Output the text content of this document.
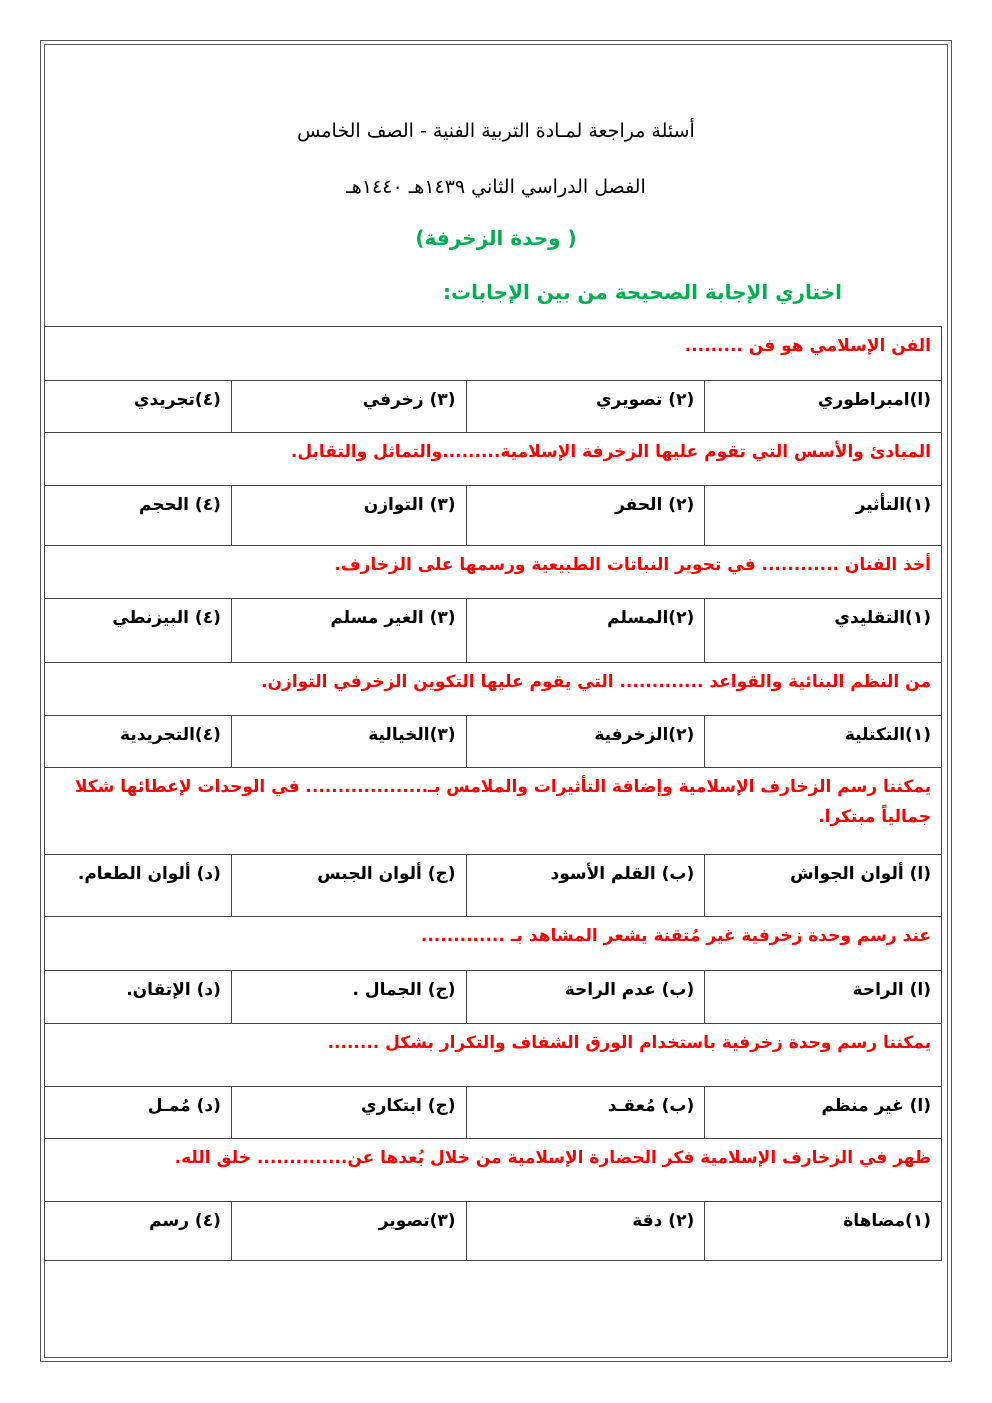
أسئلة مراجعة لمـادة التربية الفنية - الصف الخامس
الفصل الدراسي الثاني ١٤٣٩هـ ١٤٤٠هـ
( وحدة الزخرفة)
اختاري الإجابة الصحيحة من بين الإجابات:
الفن الإسلامي هو فن .........			
(ا)امبراطوري	(٢) تصويري	(٣) زخرفي	(٤)تجريدي
المبادئ والأسس التي تقوم عليها الزخرفة الإسلامية.........والتماثل والتقابل.			
(١)التأثير	(٢) الحفر	(٣) التوازن	(٤) الحجم
أخذ الفنان ............ في تحوير النباتات الطبيعية ورسمها على الزخارف.			
(١)التقليدي	(٢)المسلم	(٣) الغير مسلم	(٤) البيزنطي
من النظم البنائية والقواعد ............. التي يقوم عليها التكوين الزخرفي التوازن.			
(١)التكتلية	(٢)الزخرفية	(٣)الخيالية	(٤)التجريدية
يمكننا رسم الزخارف الإسلامية وإضافة التأثيرات والملامس بـ................... في الوحدات لإعطائها شكلا جمالياً مبتكرا.			
(ا) ألوان الجواش	(ب) القلم الأسود	(ج) ألوان الجبس	(د) ألوان الطعام.
عند رسم وحدة زخرفية غير مُتقنة يشعر المشاهد بـ .............			
(ا) الراحة	(ب) عدم الراحة	(ج) الجمال .	(د) الإتقان.
يمكننا رسم وحدة زخرفية باستخدام الورق الشفاف والتكرار بشكل ........			
(ا) غير منظم	(ب) مُعقـد	(ج) ابتكاري	(د) مُمـل
ظهر في الزخارف الإسلامية فكر الحضارة الإسلامية من خلال بُعدها عن.............. خلق الله.			
(١)مضاهاة	(٢) دقة	(٣)تصوير	(٤) رسم
